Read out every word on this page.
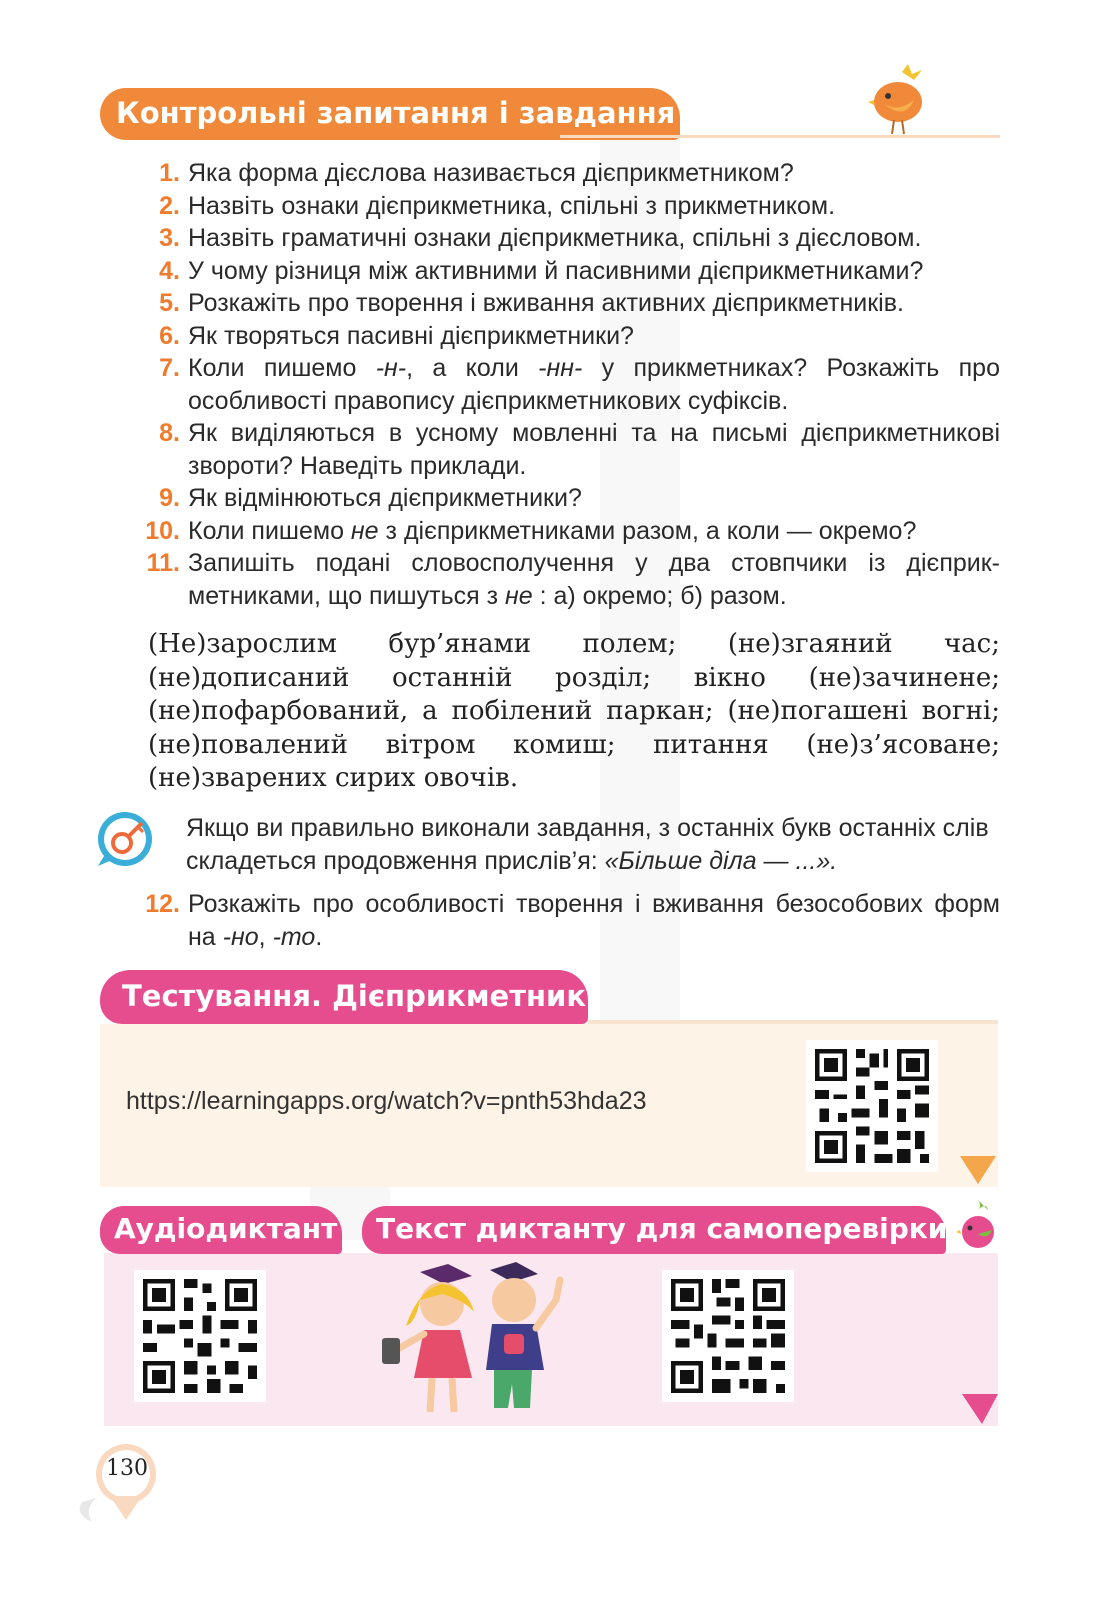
Контрольні запитання і завдання
1. Яка форма дієслова називається дієприкметником?
2. Назвіть ознаки дієприкметника, спільні з прикметником.
3. Назвіть граматичні ознаки дієприкметника, спільні з дієсловом.
4. У чому різниця між активними й пасивними дієприкметниками?
5. Розкажіть про творення і вживання активних дієприкметників.
6. Як творяться пасивні дієприкметники?
7. Коли пишемо -н-, а коли -нн- у прикметниках? Розкажіть про особливості правопису дієприкметникових суфіксів.
8. Як виділяються в усному мовленні та на письмі дієприкметникові звороти? Наведіть приклади.
9. Як відмінюються дієприкметники?
10. Коли пишемо не з дієприкметниками разом, а коли — окремо?
11. Запишіть подані словосполучення у два стовпчики із дієприкметниками, що пишуться з не : а) окремо; б) разом.
(Не)зарослим бур’янами полем; (не)згаяний час; (не)дописаний останній розділ; вікно (не)зачинене; (не)пофарбований, а побілений паркан; (не)погашені вогні; (не)повалений вітром комиш; питання (не)з’ясоване; (не)зварених сирих овочів.
Якщо ви правильно виконали завдання, з останніх букв останніх слів складеться продовження прислів’я: «Більше діла — ...».
12. Розкажіть про особливості творення і вживання безособових форм на -но, -то.
Тестування. Дієприкметник
https://learningapps.org/watch?v=pnth53hda23
Аудіодиктант Текст диктанту для самоперевірки
130
